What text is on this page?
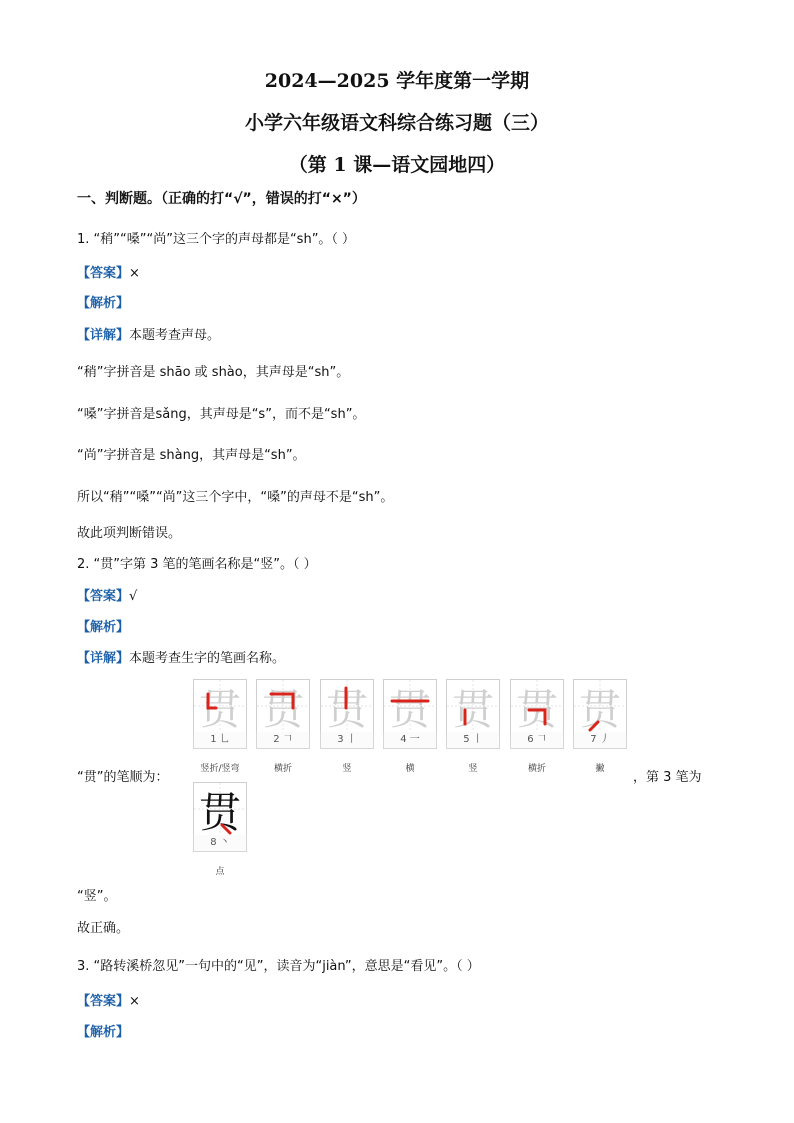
2024—2025 学年度第一学期
小学六年级语文科综合练习题（三）
（第 1 课—语文园地四）
一、判断题。（正确的打“√”，错误的打“×”）
1. “稍”“嗓”“尚”这三个字的声母都是“sh”。（ ）
【答案】×
【解析】
【详解】本题考查声母。
“稍”字拼音是 shāo 或 shào，其声母是“sh”。
“嗓”字拼音是sǎng，其声母是“s”，而不是“sh”。
“尚”字拼音是 shàng，其声母是“sh”。
所以“稍”“嗓”“尚”这三个字中，“嗓”的声母不是“sh”。
故此项判断错误。
2. “贯”字第 3 笔的笔画名称是“竖”。（ ）
【答案】√
【解析】
【详解】本题考查生字的笔画名称。
“贯”的笔顺为：	，第 3 笔为
贯
1 乚
竖折/竖弯
贯
2 𠃍
横折
贯
3 丨
竖
贯
4 一
横
贯
5 丨
竖
贯
6 𠃍
横折
贯
7 丿
撇
贯
8 丶
点
“竖”。
故正确。
3. “路转溪桥忽见”一句中的“见”，读音为“jiàn”，意思是“看见”。（ ）
【答案】×
【解析】
